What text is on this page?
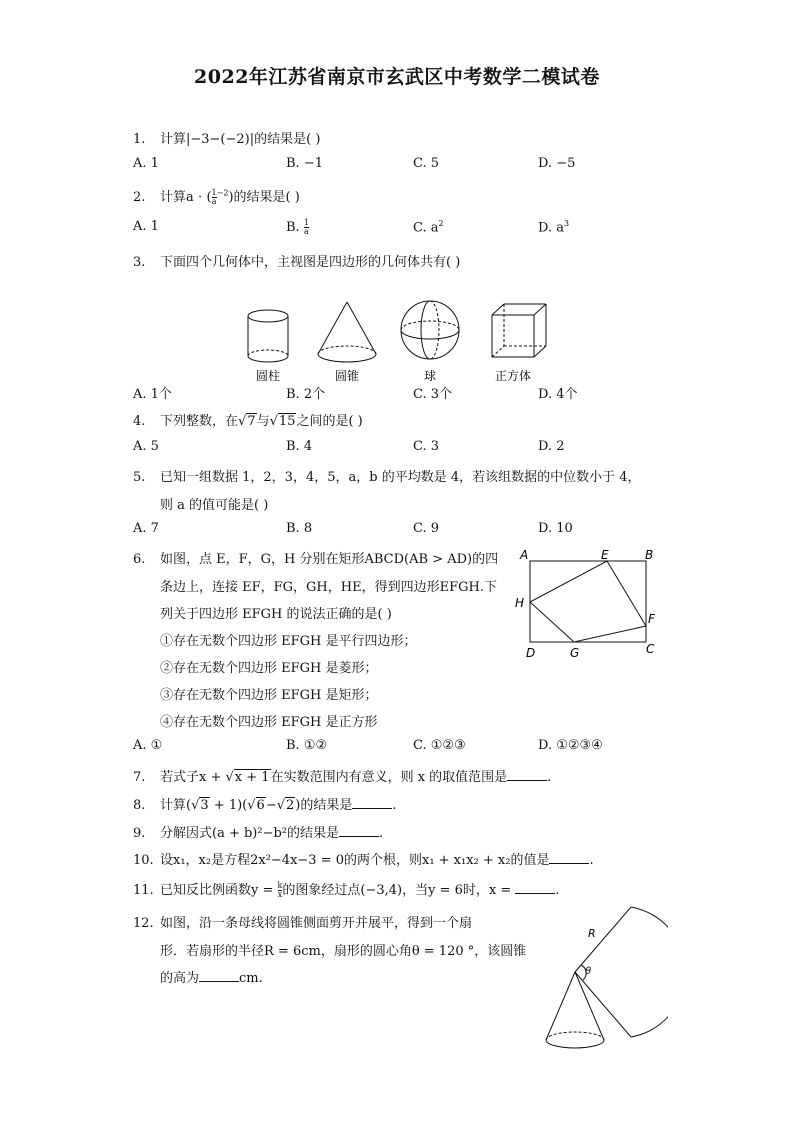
2022年江苏省南京市玄武区中考数学二模试卷
1. 计算|−3−(−2)|的结果是( )
A. 1	B. −1	C. 5	D. −5
2. 计算a ⋅ ( $\frac{1}{a} ^{-2}$)的结果是( )
A. 1	B. $\frac{1}{a}$	C. $a^2$	D. $a^3$
3. 下面四个几何体中，主视图是四边形的几何体共有( )
圆柱	圆锥	球	正方体
A. 1个	B. 2个	C. 3个	D. 4个
4. 下列整数，在√7与√15之间的是( )
A. 5	B. 4	C. 3	D. 2
5. 已知一组数据 1，2，3，4，5，a，b 的平均数是 4，若该组数据的中位数小于 4，
则 a 的值可能是( )
A. 7	B. 8	C. 9	D. 10
6. 如图，点 E，F，G，H 分别在矩形ABCD(AB > AD)的四
条边上，连接 EF，FG，GH，HE，得到四边形EFGH.下
列关于四边形 EFGH 的说法正确的是( )
①存在无数个四边形 EFGH 是平行四边形；
②存在无数个四边形 EFGH 是菱形；
③存在无数个四边形 EFGH 是矩形；
④存在无数个四边形 EFGH 是正方形
A	E	B
H
F
D	G	C
A. ①	B. ①②	C. ①②③	D. ①②③④
7. 若式子x + √x + 1在实数范围内有意义，则 x 的取值范围是	.
8. 计算(√3 + 1)(√6−√2)的结果是	.
9. 分解因式(a + b)²−b²的结果是	.
10. 设x₁，x₂是方程2x²−4x−3 = 0的两个根，则x₁ + x₁x₂ + x₂的值是	.
11. 已知反比例函数$y = \frac{k}{x}$ 的图象经过点(−3,4)，当y = 6时，x =	.
12. 如图，沿一条母线将圆锥侧面剪开并展平，得到一个扇
形．若扇形的半径R = 6cm，扇形的圆心角θ = 120 °，该圆锥
的高为	cm.
R
θ
